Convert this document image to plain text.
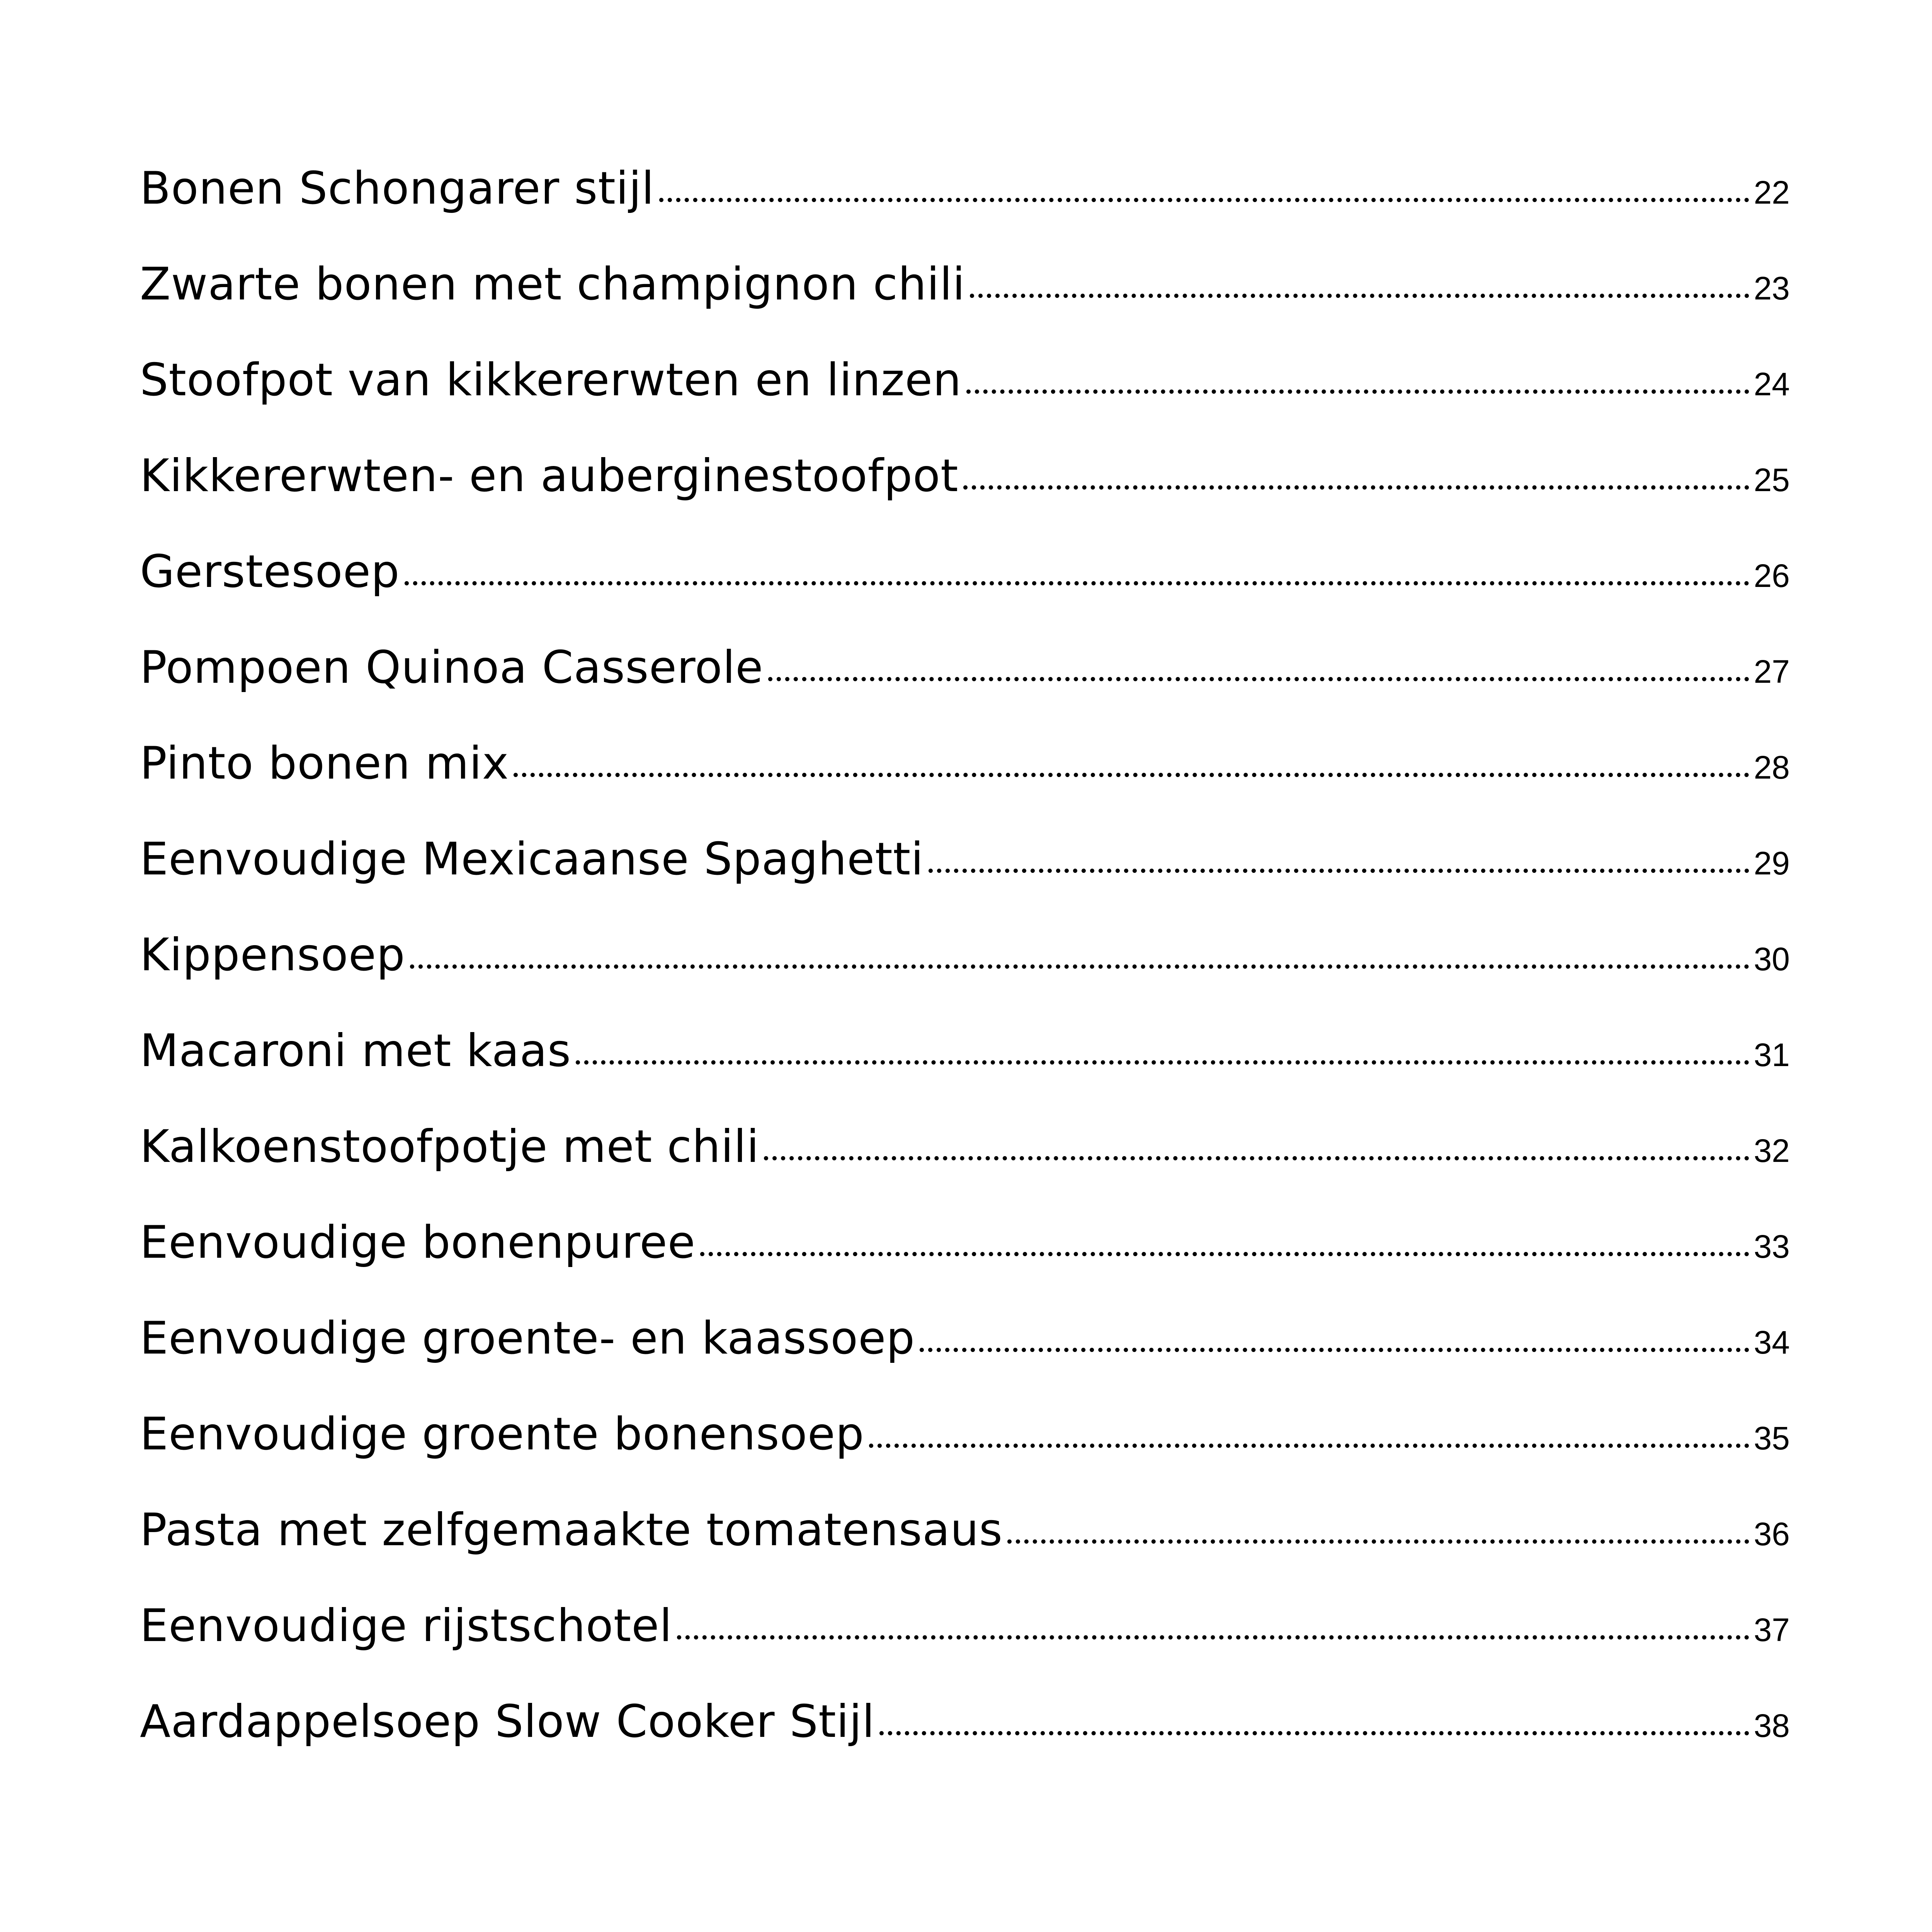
Bonen Schongarer stijl	22
Zwarte bonen met champignon chili	23
Stoofpot van kikkererwten en linzen	24
Kikkererwten- en auberginestoofpot	25
Gerstesoep	26
Pompoen Quinoa Casserole	27
Pinto bonen mix	28
Eenvoudige Mexicaanse Spaghetti	29
Kippensoep	30
Macaroni met kaas	31
Kalkoenstoofpotje met chili	32
Eenvoudige bonenpuree	33
Eenvoudige groente- en kaassoep	34
Eenvoudige groente bonensoep	35
Pasta met zelfgemaakte tomatensaus	36
Eenvoudige rijstschotel	37
Aardappelsoep Slow Cooker Stijl	38
